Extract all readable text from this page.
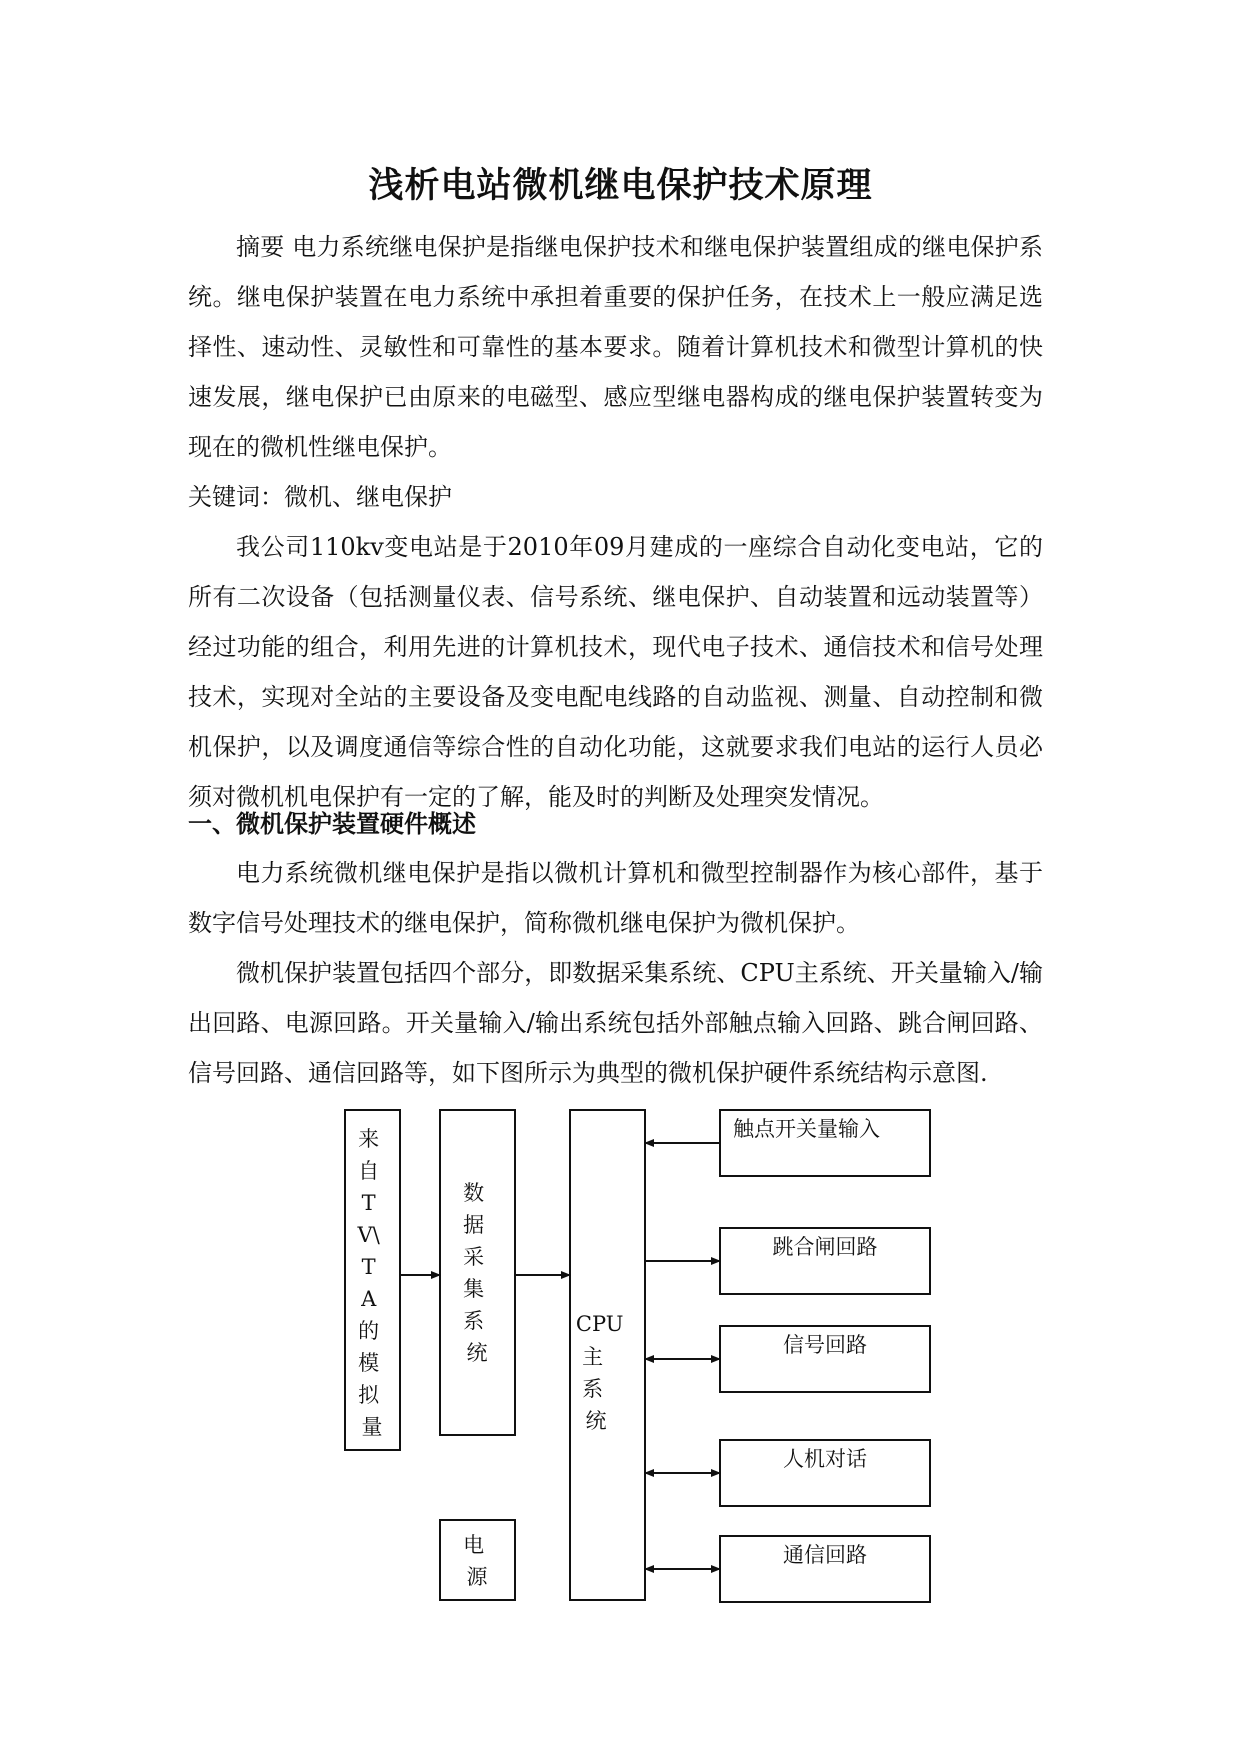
浅析电站微机继电保护技术原理

摘要 电力系统继电保护是指继电保护技术和继电保护装置组成的继电保护系统。继电保护装置在电力系统中承担着重要的保护任务，在技术上一般应满足选择性、速动性、灵敏性和可靠性的基本要求。随着计算机技术和微型计算机的快速发展，继电保护已由原来的电磁型、感应型继电器构成的继电保护装置转变为现在的微机性继电保护。

关键词：微机、继电保护

我公司110kv变电站是于2010年09月建成的一座综合自动化变电站，它的所有二次设备（包括测量仪表、信号系统、继电保护、自动装置和远动装置等）经过功能的组合，利用先进的计算机技术，现代电子技术、通信技术和信号处理技术，实现对全站的主要设备及变电配电线路的自动监视、测量、自动控制和微机保护，以及调度通信等综合性的自动化功能，这就要求我们电站的运行人员必须对微机机电保护有一定的了解，能及时的判断及处理突发情况。

一、微机保护装置硬件概述

电力系统微机继电保护是指以微机计算机和微型控制器作为核心部件，基于数字信号处理技术的继电保护，简称微机继电保护为微机保护。

微机保护装置包括四个部分，即数据采集系统、CPU主系统、开关量输入/输出回路、电源回路。开关量输入/输出系统包括外部触点输入回路、跳合闸回路、信号回路、通信回路等，如下图所示为典型的微机保护硬件系统结构示意图.

来 自 T V\ T A 的 模 拟 量
数 据 采 集 系 统
CPU 主 系 统
电 源
触点开关量输入
跳合闸回路
信号回路
人机对话
通信回路
